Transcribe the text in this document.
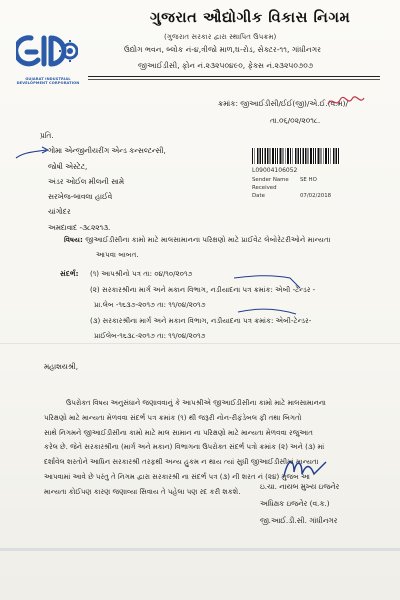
GUJARAT INDUSTRIAL DEVELOPMENT CORPORATION
ગુજરાત ઔદ્યોગીક વિકાસ નિગમ
(ગુજરાત સરકાર દ્વારા સ્થાપિત ઉપક્રમ)
ઉદ્યોગ ભવન, બ્લોક નં-૪,ત્રીજો માળ,ઘ-રોડ, સેક્ટર-૧૧, ગાંધીનગર
જીઆઈડીસી, ફોન નં.૨૩૨૫૦૪૯૦, ફેક્સ નં.૨૩૨૫૦૭૦૭
ક્રમાંક: જીઆઈડીસી/ઈઈ(જી)/એ.ઈ.(વ.મ)/
તા.૦૬/૦૨/૨૦૧૮.
પ્રતિ.
ગોમા એન્જીનીયરીંગ એન્ડ કન્સલ્ટન્સી,
જોષી એસ્ટેટ,
અંડર ઓઈલ મીલની સામે
સરખેજ-બાવલા હાઈવે
ચાંગોદર
અમદાવાદ -૩૮૨૨૧૩.
L09004106052
Sender Name SE HO
Received
Date	07/02/2018
વિષય: જીઆઈડીસીના કામો માટે માલસામાનના પરિક્ષણો માટે પ્રાઈવેટ લેબોરેટરીઓને માન્યતા
આપવા બાબત.
સંદર્ભ: (૧) આપશ્રીનો પત્ર તા: ૦૪/૧૦/૨૦૧૭
(૨) સરકારશ્રીના માર્ગ અને મકાન વિભાગ, નડીયાદના પત્ર ક્રમાંક: એબી -ટેન્ડર -
પ્રા.લેબ -૧૬૩૭-૨૦૧૭ તા: ૧૧/૦૪/૨૦૧૭
(૩) સરકારશ્રીના માર્ગ અને મકાન વિભાગ, નડીયાદના પત્ર ક્રમાંક: એબી-ટેન્ડર-
પ્રાઈલેબ-૧૬૩૮-૨૦૧૭ તા: ૧૧/૦૪/૨૦૧૭
મહાશયશ્રી,
ઉપરોક્ત વિષય અનુસંધાને જણાવવાનું કે આપશ્રીએ જીઆઈડીસીના કામો માટે માલસામાનના
પરિક્ષણો માટે માન્યતા મેળવવા સંદર્ભ પત્ર ક્રમાંક (૧) થી જરૂરી નોન-રીફંડેબલ ફી તથા બિગતો
સાથે નિગમને જીઆઈડીસીના કામો માટે માલ સામાન ના પરિક્ષણો માટે માન્યતા મેળવવા રજુઆત
કરેલ છે. જેને સરકારશ્રીના (માર્ગ અને મકાન) વિભાગના ઉપરોક્ત સંદર્ભ પત્રો ક્રમાંક (૨) અને (૩) માં
દર્શાવેલ શરતોને આધિન સરકારશ્રી તરફથી અન્ય હુકમ ન થાય ત્યાં સુધી જીઆઈડીસીમાં માન્યતા
આપવામાં આવે છે પરંતુ તે નિગમ દ્વારા સરકારશ્રી ના સંદર્ભ પત્ર (૩) ની શરત નં (૨૪) મુજબ આ
માન્યતા કોઈપણ કારણ જણાવ્યા સિવાય તે પહેલા પણ રદ કરી શકશે.
ઇ.ચા. નાયબ મુખ્ય ઇજનેર
અધિક્ષક ઇજનેર (વ.ક.)
જી.આઈ.ડી.સી. ગાંધીનગર
